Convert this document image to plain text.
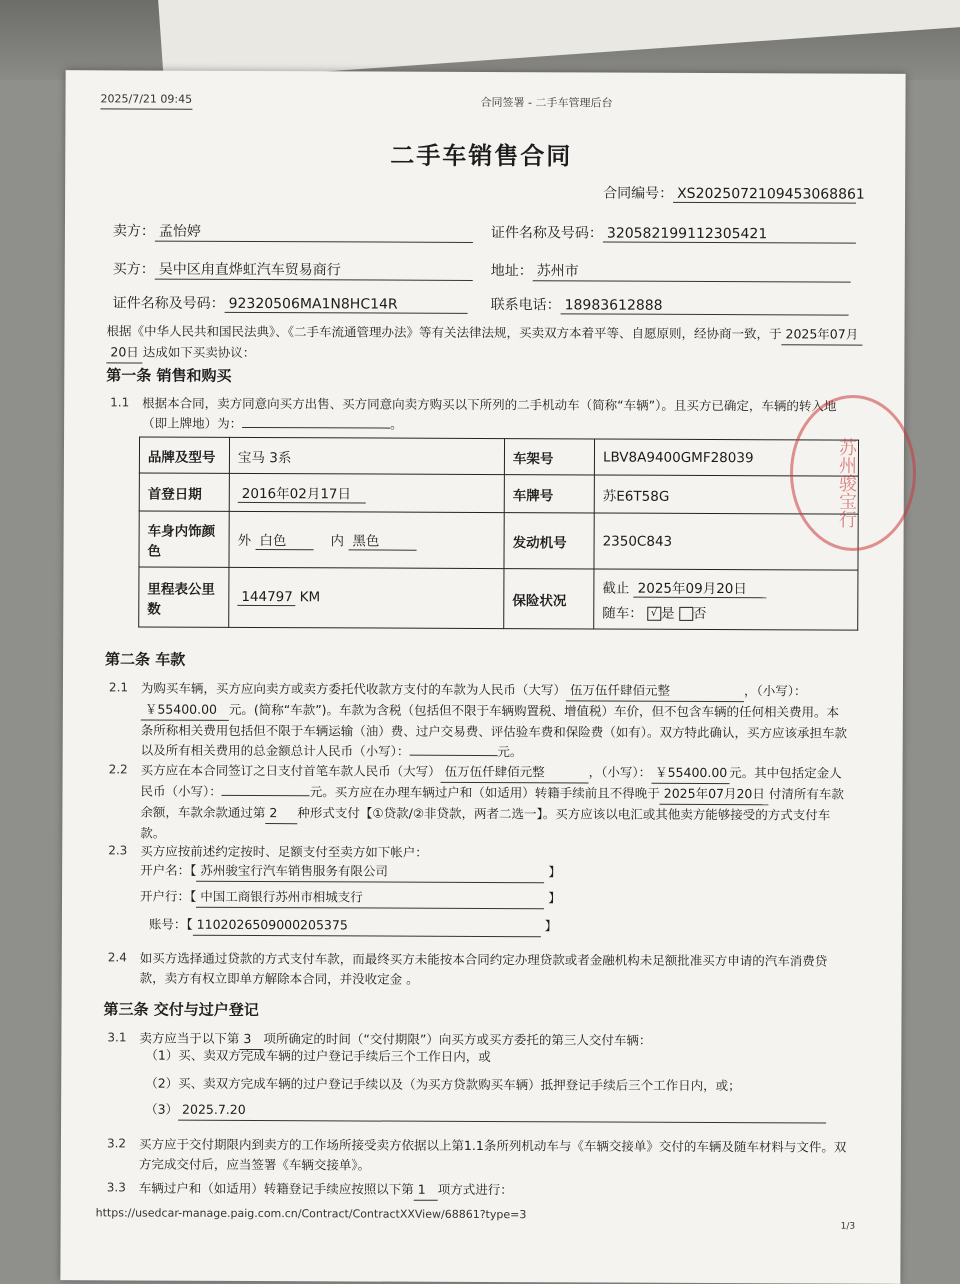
2025/7/21 09:45	合同签署 - 二手车管理后台
二手车销售合同
合同编号： XS2025072109453068861
卖方： 孟怡婷	证件名称及号码： 320582199112305421
买方： 吴中区甪直烨虹汽车贸易商行	地址： 苏州市
证件名称及号码： 92320506MA1N8HC14R	联系电话： 18983612888
根据《中华人民共和国民法典》、《二手车流通管理办法》等有关法律法规，买卖双方本着平等、自愿原则，经协商一致，于 2025年07月20日 达成如下买卖协议：
第一条 销售和购买
1.1 根据本合同，卖方同意向买方出售、买方同意向卖方购买以下所列的二手机动车（简称“车辆”）。且买方已确定，车辆的转入地（即上牌地）为：	。
品牌及型号	宝马 3系	车架号	LBV8A9400GMF28039
首登日期	2016年02月17日	车牌号	苏E6T58G
车身内饰颜色	外 白色 内 黑色	发动机号	2350C843
里程表公里数	144797 KM	保险状况	截止 2025年09月20日
随车： √ 是 否
第二条 车款
2.1 为购买车辆，买方应向卖方或卖方委托代收款方支付的车款为人民币（大写） 伍万伍仟肆佰元整	，（小写）：￥55400.00 元。(简称“车款”)。车款为含税（包括但不限于车辆购置税、增值税）车价，但不包含车辆的任何相关费用。本条所称相关费用包括但不限于车辆运输（油）费、过户交易费、评估验车费和保险费（如有）。双方特此确认，买方应该承担车款以及所有相关费用的总金额总计人民币（小写）：	元。
2.2 买方应在本合同签订之日支付首笔车款人民币（大写） 伍万伍仟肆佰元整	，（小写）： ￥55400.00 元。其中包括定金人民币（小写）：	元。买方应在办理车辆过户和（如适用）转籍手续前且不得晚于 2025年07月20日 付清所有车款余额，车款余款通过第 2 种形式支付【①贷款/②非贷款，两者二选一】。买方应该以电汇或其他卖方能够接受的方式支付车款。
2.3 买方应按前述约定按时、足额支付至卖方如下帐户：
开户名：【 苏州骏宝行汽车销售服务有限公司	】
开户行：【 中国工商银行苏州市相城支行	】
账号：【 1102026509000205375	】
2.4 如买方选择通过贷款的方式支付车款，而最终买方未能按本合同约定办理贷款或者金融机构未足额批准买方申请的汽车消费贷款，卖方有权立即单方解除本合同，并没收定金 。
第三条 交付与过户登记
3.1 卖方应当于以下第 3 项所确定的时间（“交付期限”）向买方或买方委托的第三人交付车辆：
（1）买、卖双方完成车辆的过户登记手续后三个工作日内，或
（2）买、卖双方完成车辆的过户登记手续以及（为买方贷款购买车辆）抵押登记手续后三个工作日内，或；
（3） 2025.7.20
3.2 买方应于交付期限内到卖方的工作场所接受卖方依据以上第1.1条所列机动车与《车辆交接单》交付的车辆及随车材料与文件。双方完成交付后，应当签署《车辆交接单》。
3.3 车辆过户和（如适用）转籍登记手续应按照以下第 1 项方式进行：
https://usedcar-manage.paig.com.cn/Contract/ContractXXView/68861?type=3
1/3
苏州骏宝行
